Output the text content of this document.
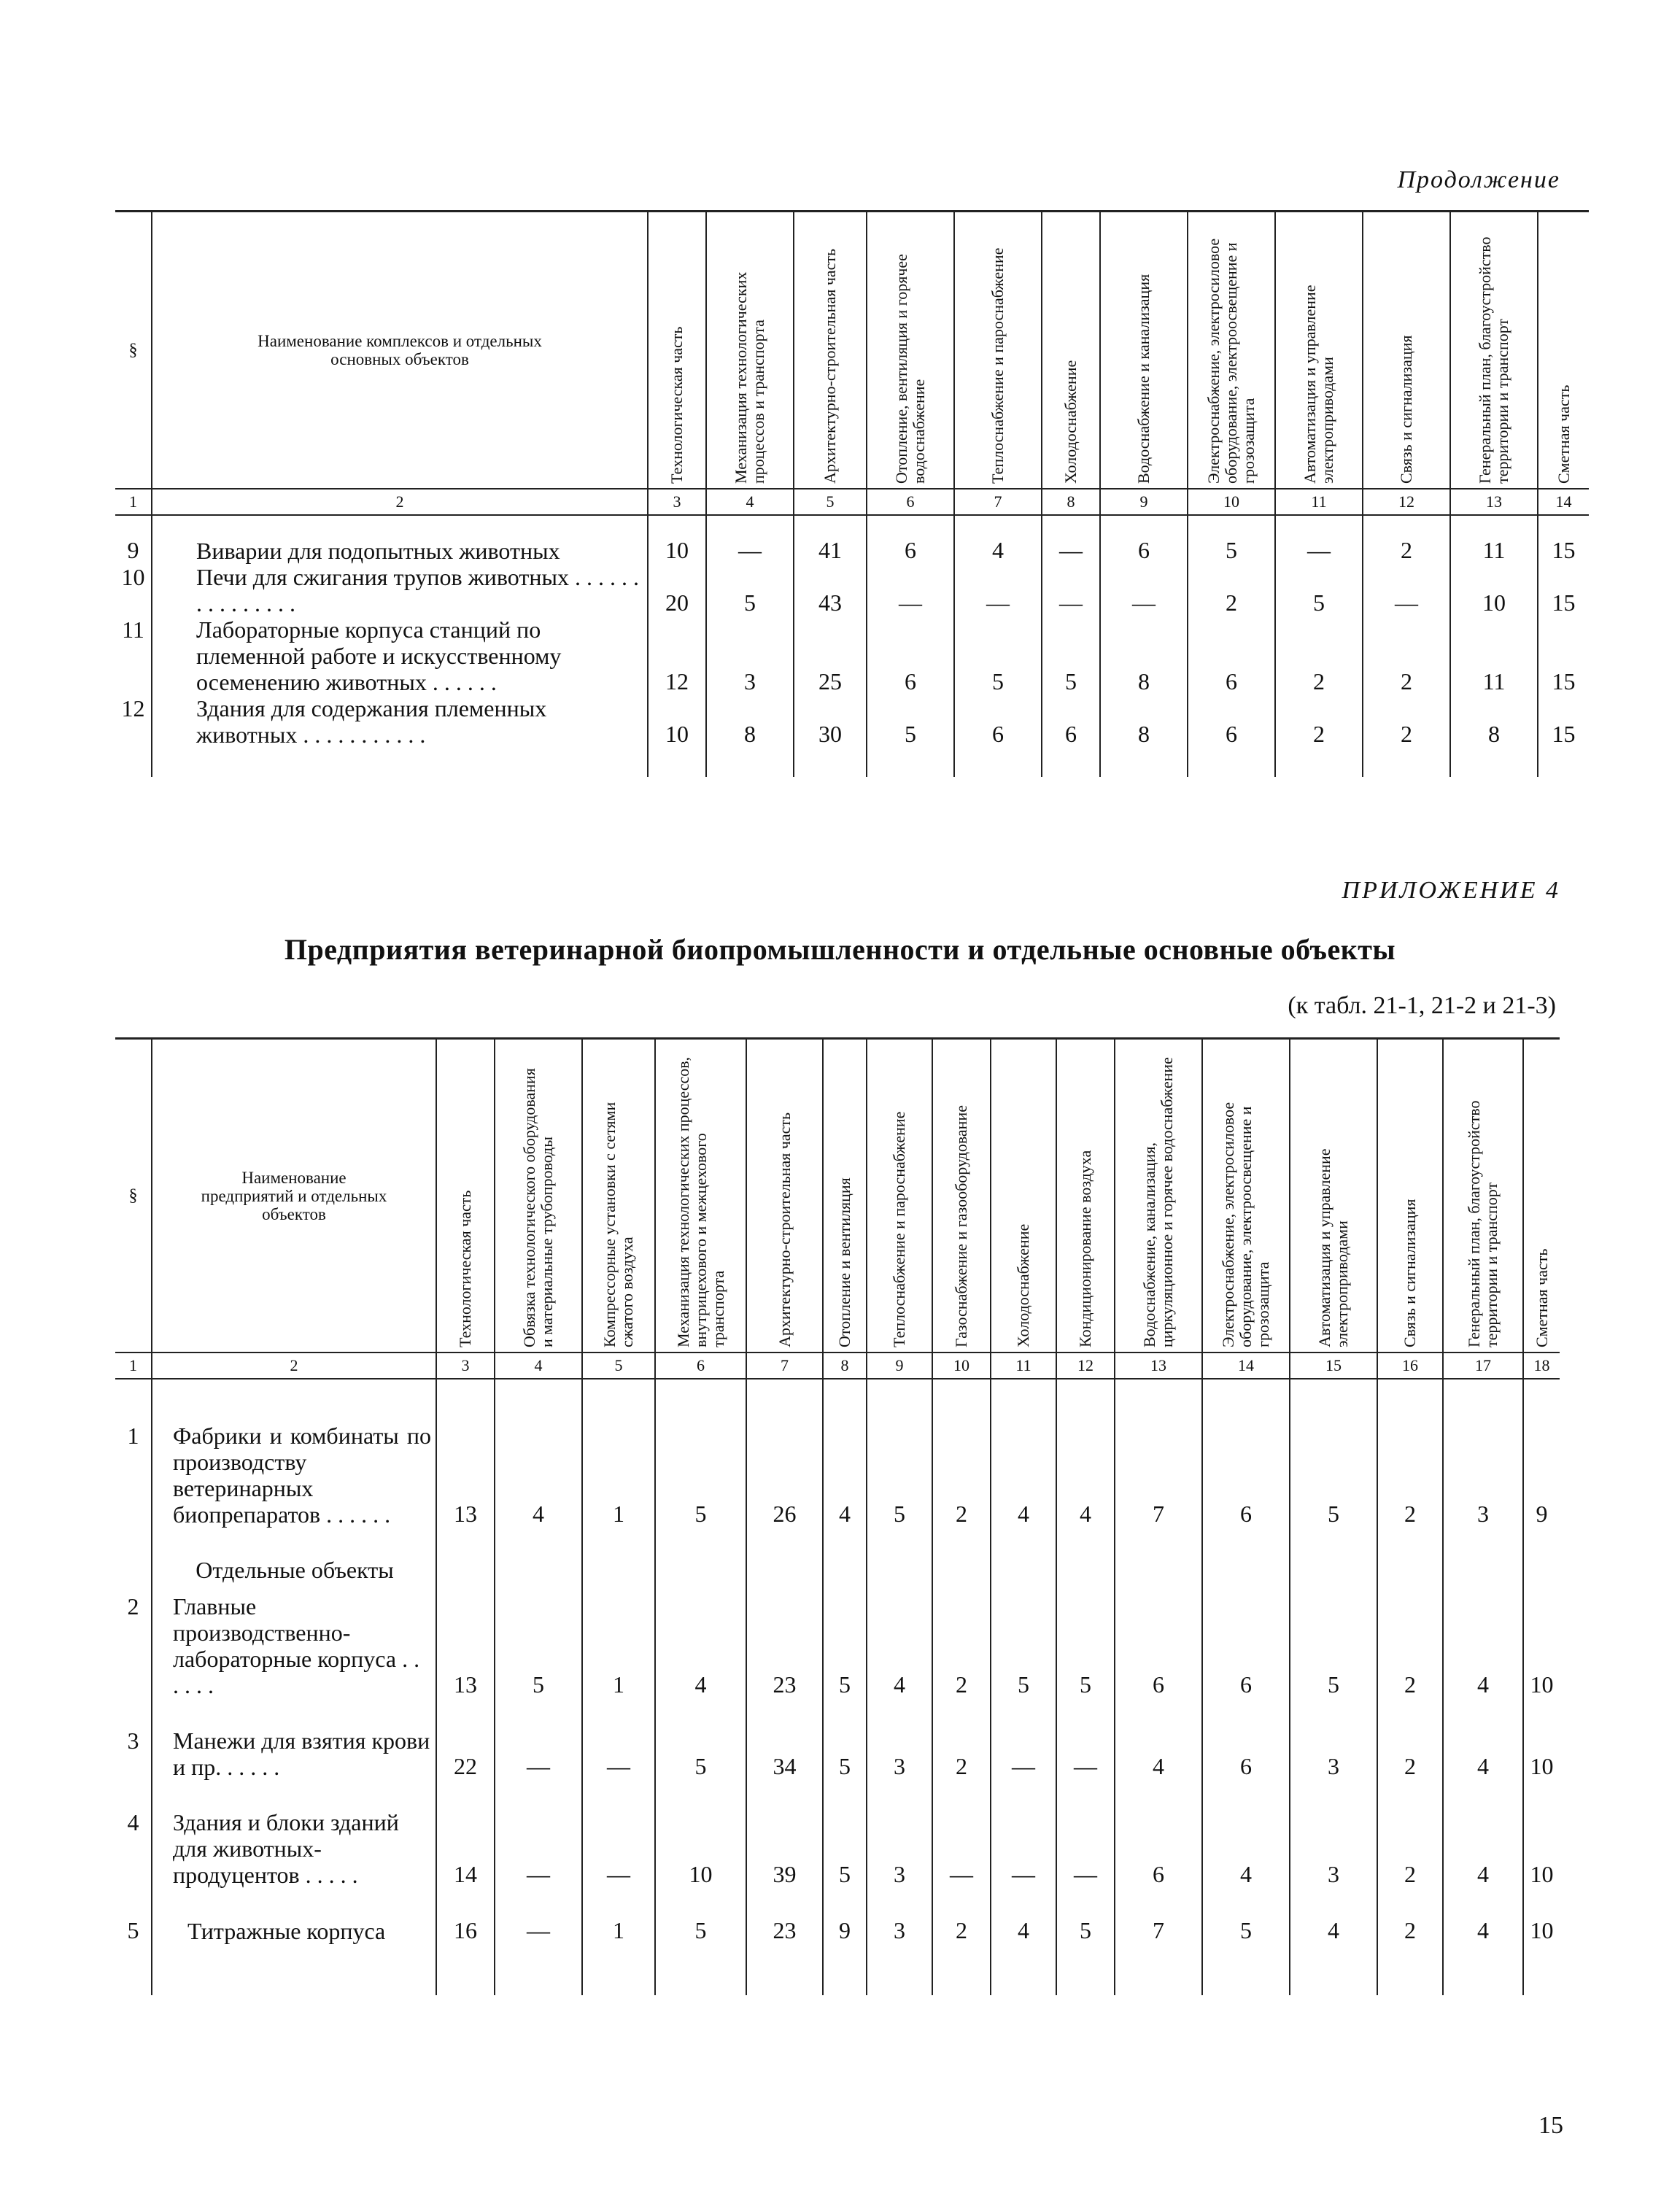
Продолжение
§	Наименование комплексов и отдельных основных объектов	Технологическая часть	Механизация технологических процессов и транспорта	Архитектурно-строительная часть	Отопление, вентиляция и горячее водоснабжение	Теплоснабжение и пароснабжение	Холодоснабжение	Водоснабжение и канализация	Электроснабжение, электросиловое оборудование, электроосвещение и грозозащита	Автоматизация и управление электроприводами	Связь и сигнализация	Генеральный план, благоустройство территории и транспорт	Сметная часть

1	2	3	4	5	6	7	8	9	10	11	12	13	14

9	Виварии для подопытных животных	10	—	41	6	4	—	6	5	—	2	11	15
10	Печи для сжигания трупов животных . . . . . . . . . . . . . . .	20	5	43	—	—	—	—	2	5	—	10	15
11	Лабораторные корпуса станций по племенной работе и искусственному осеменению животных . . . . . .	12	3	25	6	5	5	8	6	2	2	11	15
12	Здания для содержания племенных животных . . . . . . . . . . .	10	8	30	5	6	6	8	6	2	2	8	15

ПРИЛОЖЕНИЕ 4
Предприятия ветеринарной биопромышленности и отдельные основные объекты
(к табл. 21-1, 21-2 и 21-3)
§	Наименование предприятий и отдельных объектов	Технологическая часть	Обвязка технологического оборудования и материальные трубопроводы	Компрессорные установки с сетями сжатого воздуха	Механизация технологических процессов, внутрицехового и межцехового транспорта	Архитектурно-строительная часть	Отопление и вентиляция	Теплоснабжение и пароснабжение	Газоснабжение и газооборудование	Холодоснабжение	Кондиционирование воздуха	Водоснабжение, канализация, циркуляционное и горячее водоснабжение	Электроснабжение, электросиловое оборудование, электроосвещение и грозозащита	Автоматизация и управление электроприводами	Связь и сигнализация	Генеральный план, благоустройство территории и транспорт	Сметная часть

1	2	3	4	5	6	7	8	9	10	11	12	13	14	15	16	17	18

1	Фабрики и комбинаты по производству ветеринарных биопрепаратов . . . . . .	13	4	1	5	26	4	5	2	4	4	7	6	5	2	3	9
	Отдельные объекты																
2	Главные производственно-лабораторные корпуса . . . . . .	13	5	1	4	23	5	4	2	5	5	6	6	5	2	4	10
3	Манежи для взятия крови и пр. . . . . .	22	—	—	5	34	5	3	2	—	—	4	6	3	2	4	10
4	Здания и блоки зданий для животных-продуцентов . . . . .	14	—	—	10	39	5	3	—	—	—	6	4	3	2	4	10
5	Титражные корпуса	16	—	1	5	23	9	3	2	4	5	7	5	4	2	4	10

15
